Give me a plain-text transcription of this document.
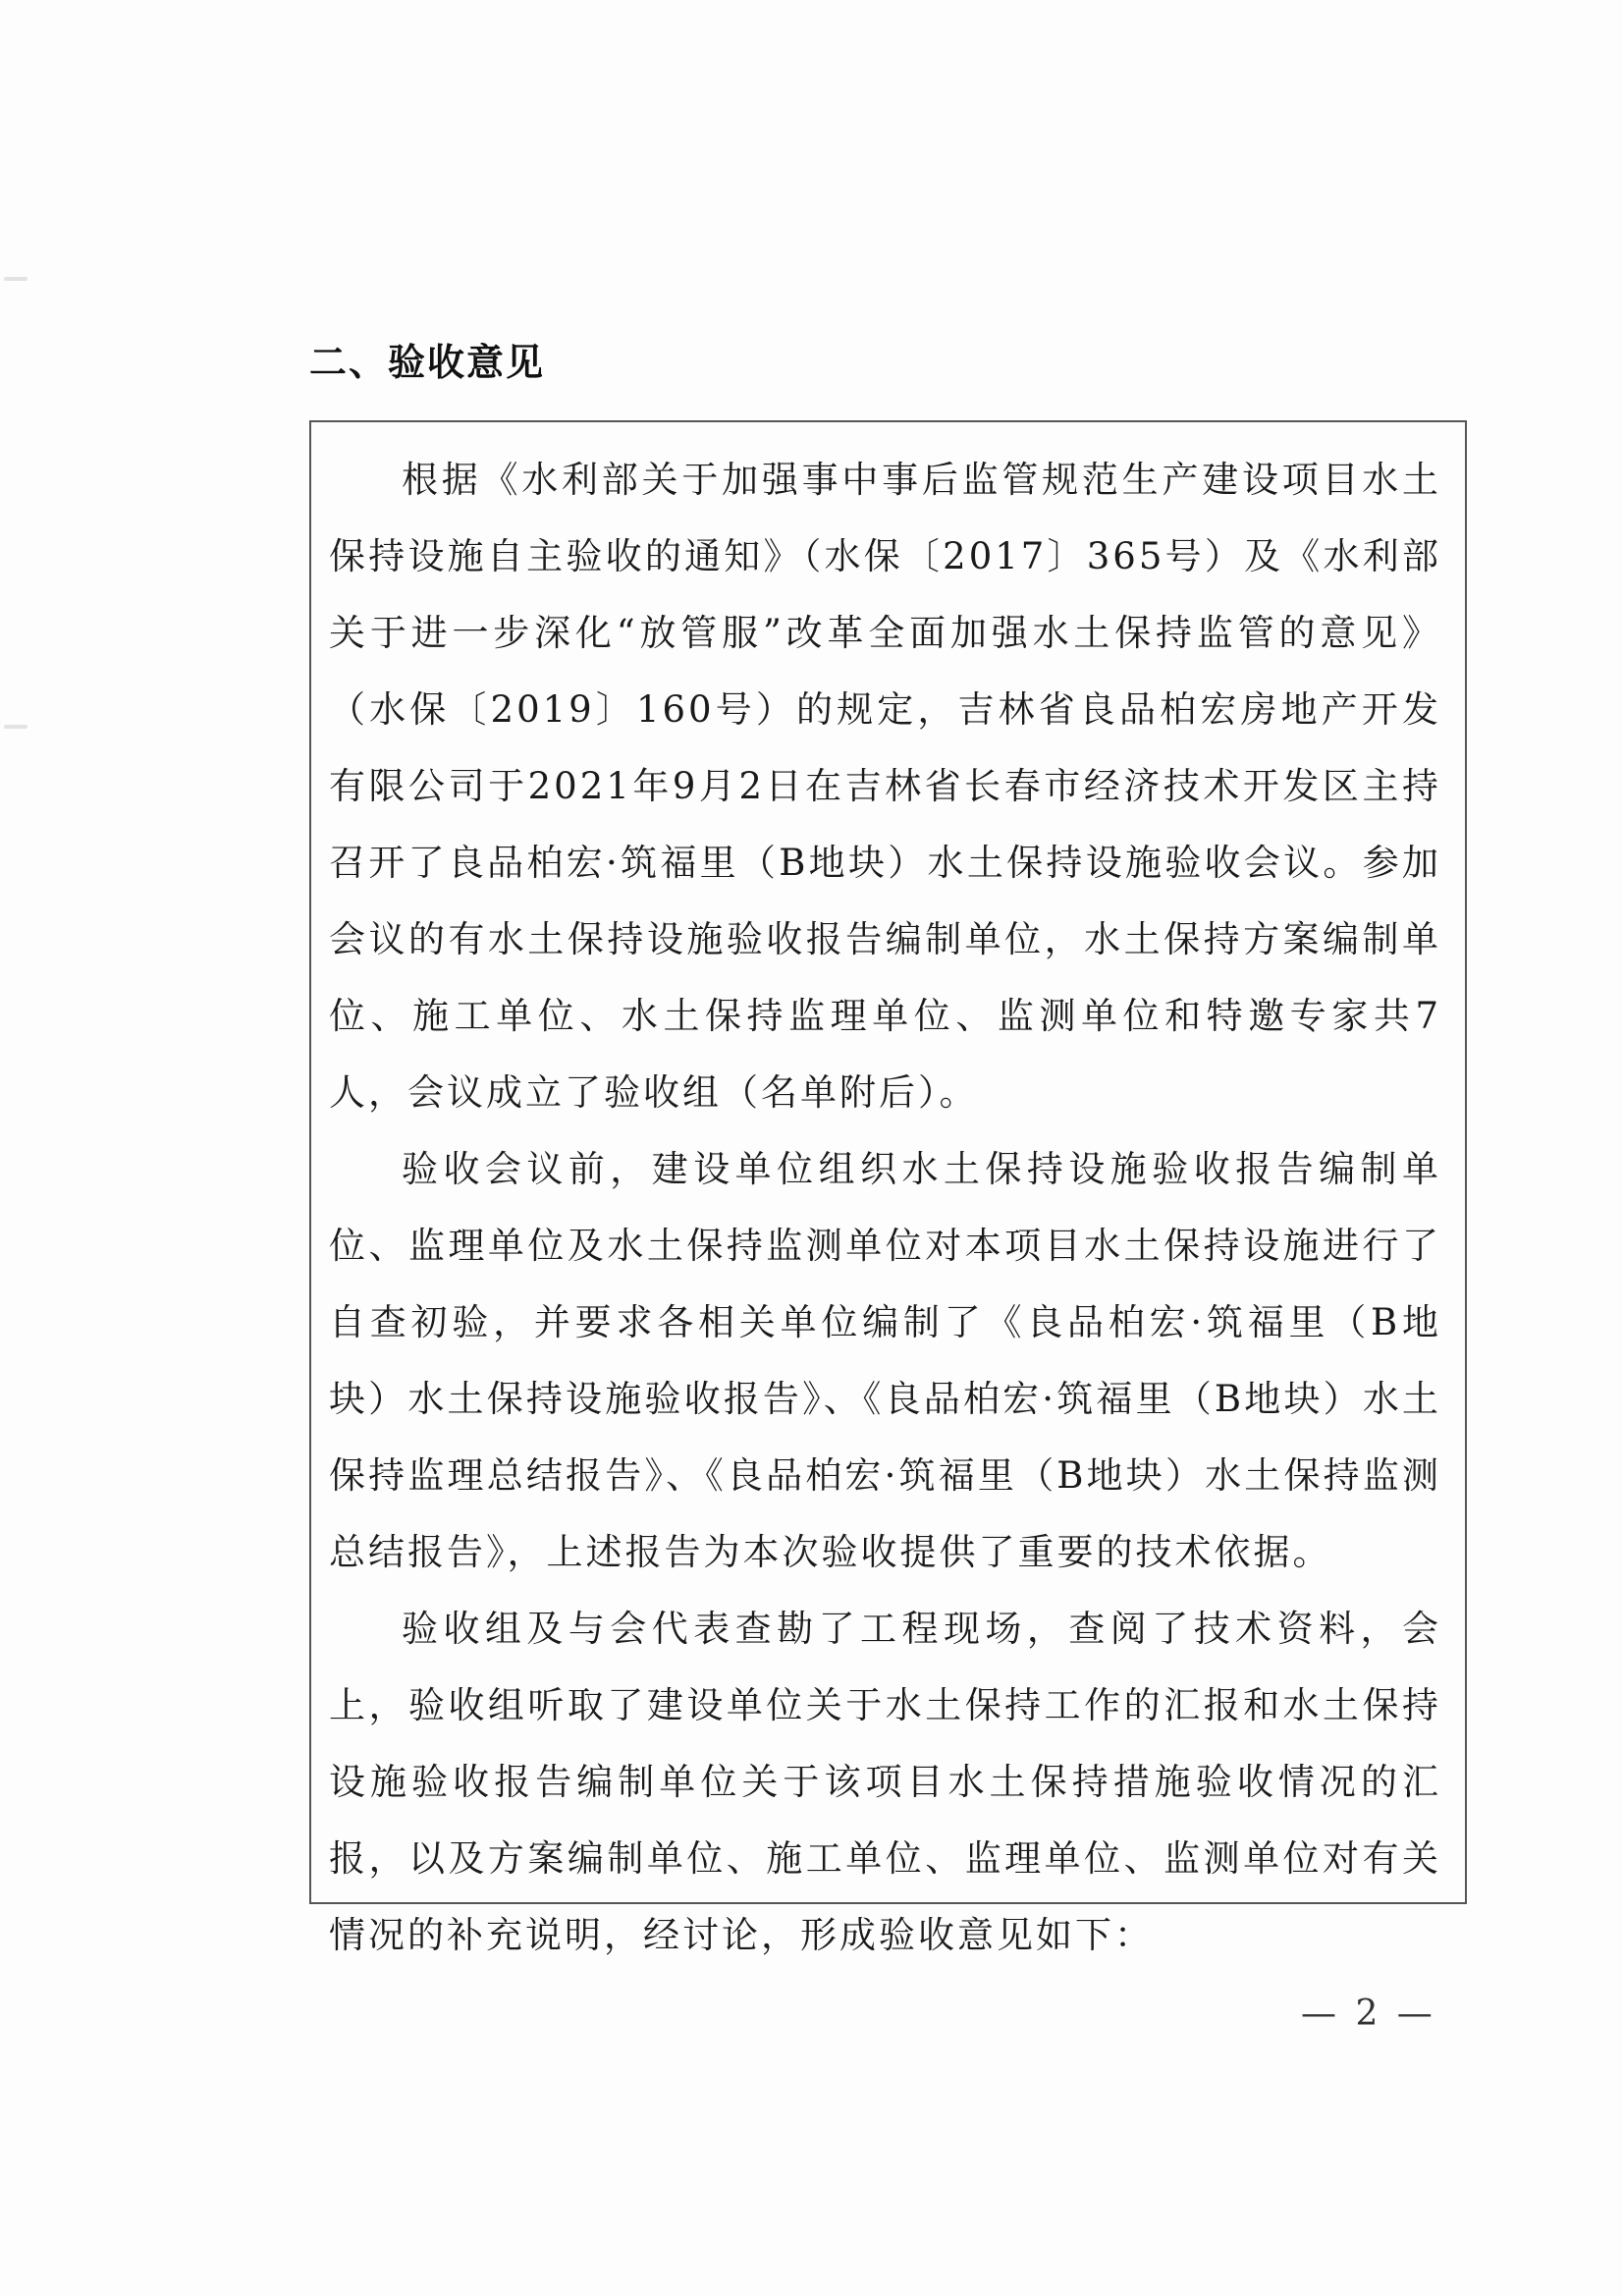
二、验收意见

根据《水利部关于加强事中事后监管规范生产建设项目水土保持设施自主验收的通知》（水保〔2017〕365号）及《水利部关于进一步深化“放管服”改革全面加强水土保持监管的意见》（水保〔2019〕160号）的规定，吉林省良品柏宏房地产开发有限公司于2021年9月2日在吉林省长春市经济技术开发区主持召开了良品柏宏·筑福里（B地块）水土保持设施验收会议。参加会议的有水土保持设施验收报告编制单位，水土保持方案编制单位、施工单位、水土保持监理单位、监测单位和特邀专家共7人，会议成立了验收组（名单附后）。

验收会议前，建设单位组织水土保持设施验收报告编制单位、监理单位及水土保持监测单位对本项目水土保持设施进行了自查初验，并要求各相关单位编制了《良品柏宏·筑福里（B地块）水土保持设施验收报告》、《良品柏宏·筑福里（B地块）水土保持监理总结报告》、《良品柏宏·筑福里（B地块）水土保持监测总结报告》，上述报告为本次验收提供了重要的技术依据。

验收组及与会代表查勘了工程现场，查阅了技术资料，会上，验收组听取了建设单位关于水土保持工作的汇报和水土保持设施验收报告编制单位关于该项目水土保持措施验收情况的汇报，以及方案编制单位、施工单位、监理单位、监测单位对有关情况的补充说明，经讨论，形成验收意见如下：

— 2 —
